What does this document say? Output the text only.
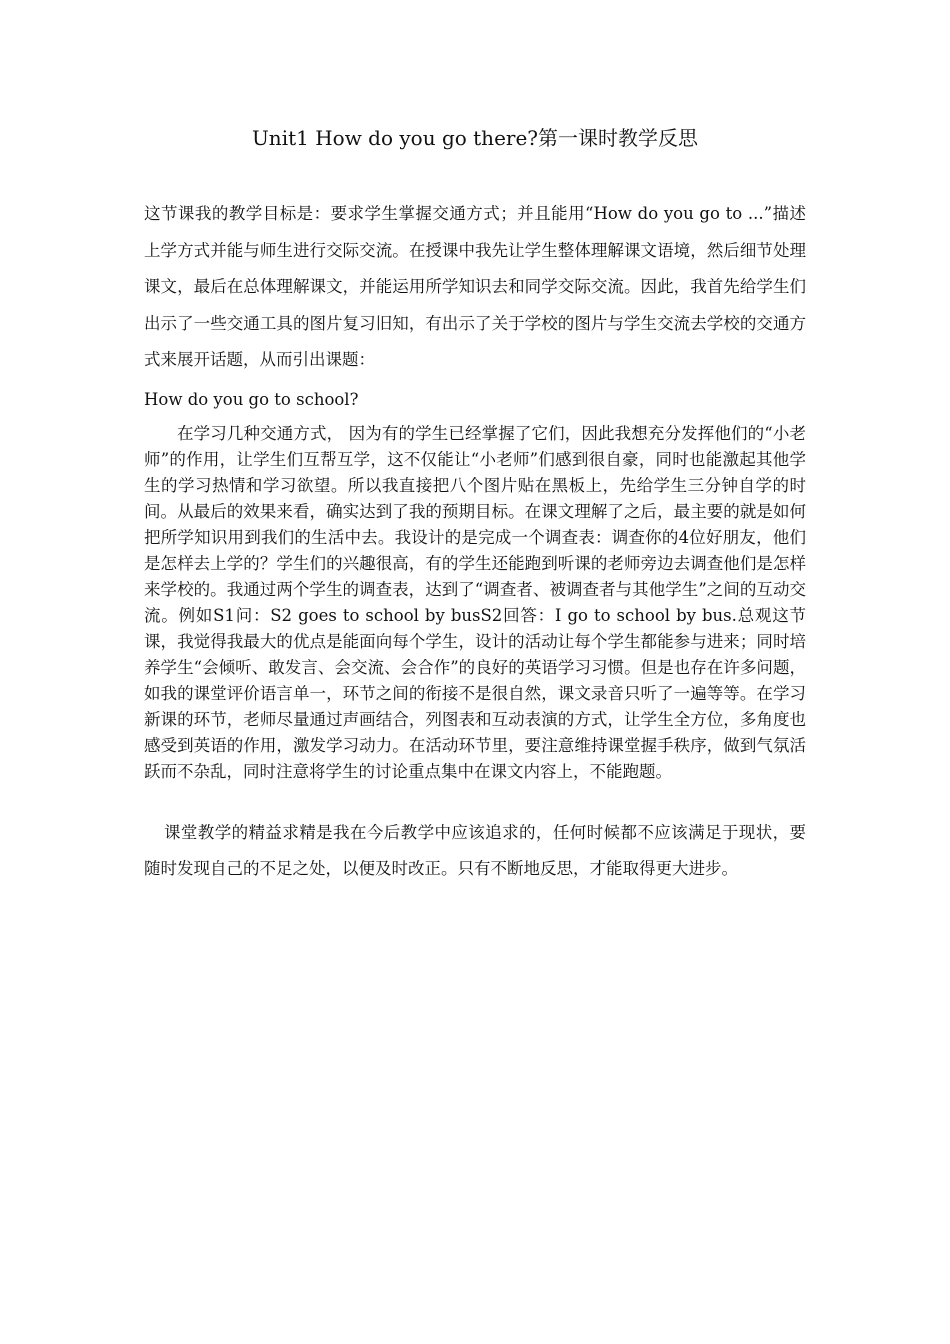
Unit1 How do you go there?第一课时教学反思

这节课我的教学目标是：要求学生掌握交通方式；并且能用“How do you go to ...”描述上学方式并能与师生进行交际交流。在授课中我先让学生整体理解课文语境，然后细节处理课文，最后在总体理解课文，并能运用所学知识去和同学交际交流。因此，我首先给学生们出示了一些交通工具的图片复习旧知，有出示了关于学校的图片与学生交流去学校的交通方式来展开话题，从而引出课题：

How do you go to school?

在学习几种交通方式， 因为有的学生已经掌握了它们，因此我想充分发挥他们的“小老师”的作用，让学生们互帮互学，这不仅能让“小老师”们感到很自豪，同时也能激起其他学生的学习热情和学习欲望。所以我直接把八个图片贴在黑板上，先给学生三分钟自学的时间。从最后的效果来看，确实达到了我的预期目标。在课文理解了之后，最主要的就是如何把所学知识用到我们的生活中去。我设计的是完成一个调查表：调查你的4位好朋友，他们是怎样去上学的？学生们的兴趣很高，有的学生还能跑到听课的老师旁边去调查他们是怎样来学校的。我通过两个学生的调查表，达到了“调查者、被调查者与其他学生”之间的互动交流。例如S1问：S2 goes to school by busS2回答：I go to school by bus.总观这节课，我觉得我最大的优点是能面向每个学生，设计的活动让每个学生都能参与进来；同时培养学生“会倾听、敢发言、会交流、会合作”的良好的英语学习习惯。但是也存在许多问题，如我的课堂评价语言单一，环节之间的衔接不是很自然，课文录音只听了一遍等等。在学习新课的环节，老师尽量通过声画结合，列图表和互动表演的方式，让学生全方位，多角度也感受到英语的作用，激发学习动力。在活动环节里，要注意维持课堂握手秩序，做到气氛活跃而不杂乱，同时注意将学生的讨论重点集中在课文内容上，不能跑题。

课堂教学的精益求精是我在今后教学中应该追求的，任何时候都不应该满足于现状，要随时发现自己的不足之处，以便及时改正。只有不断地反思，才能取得更大进步。
